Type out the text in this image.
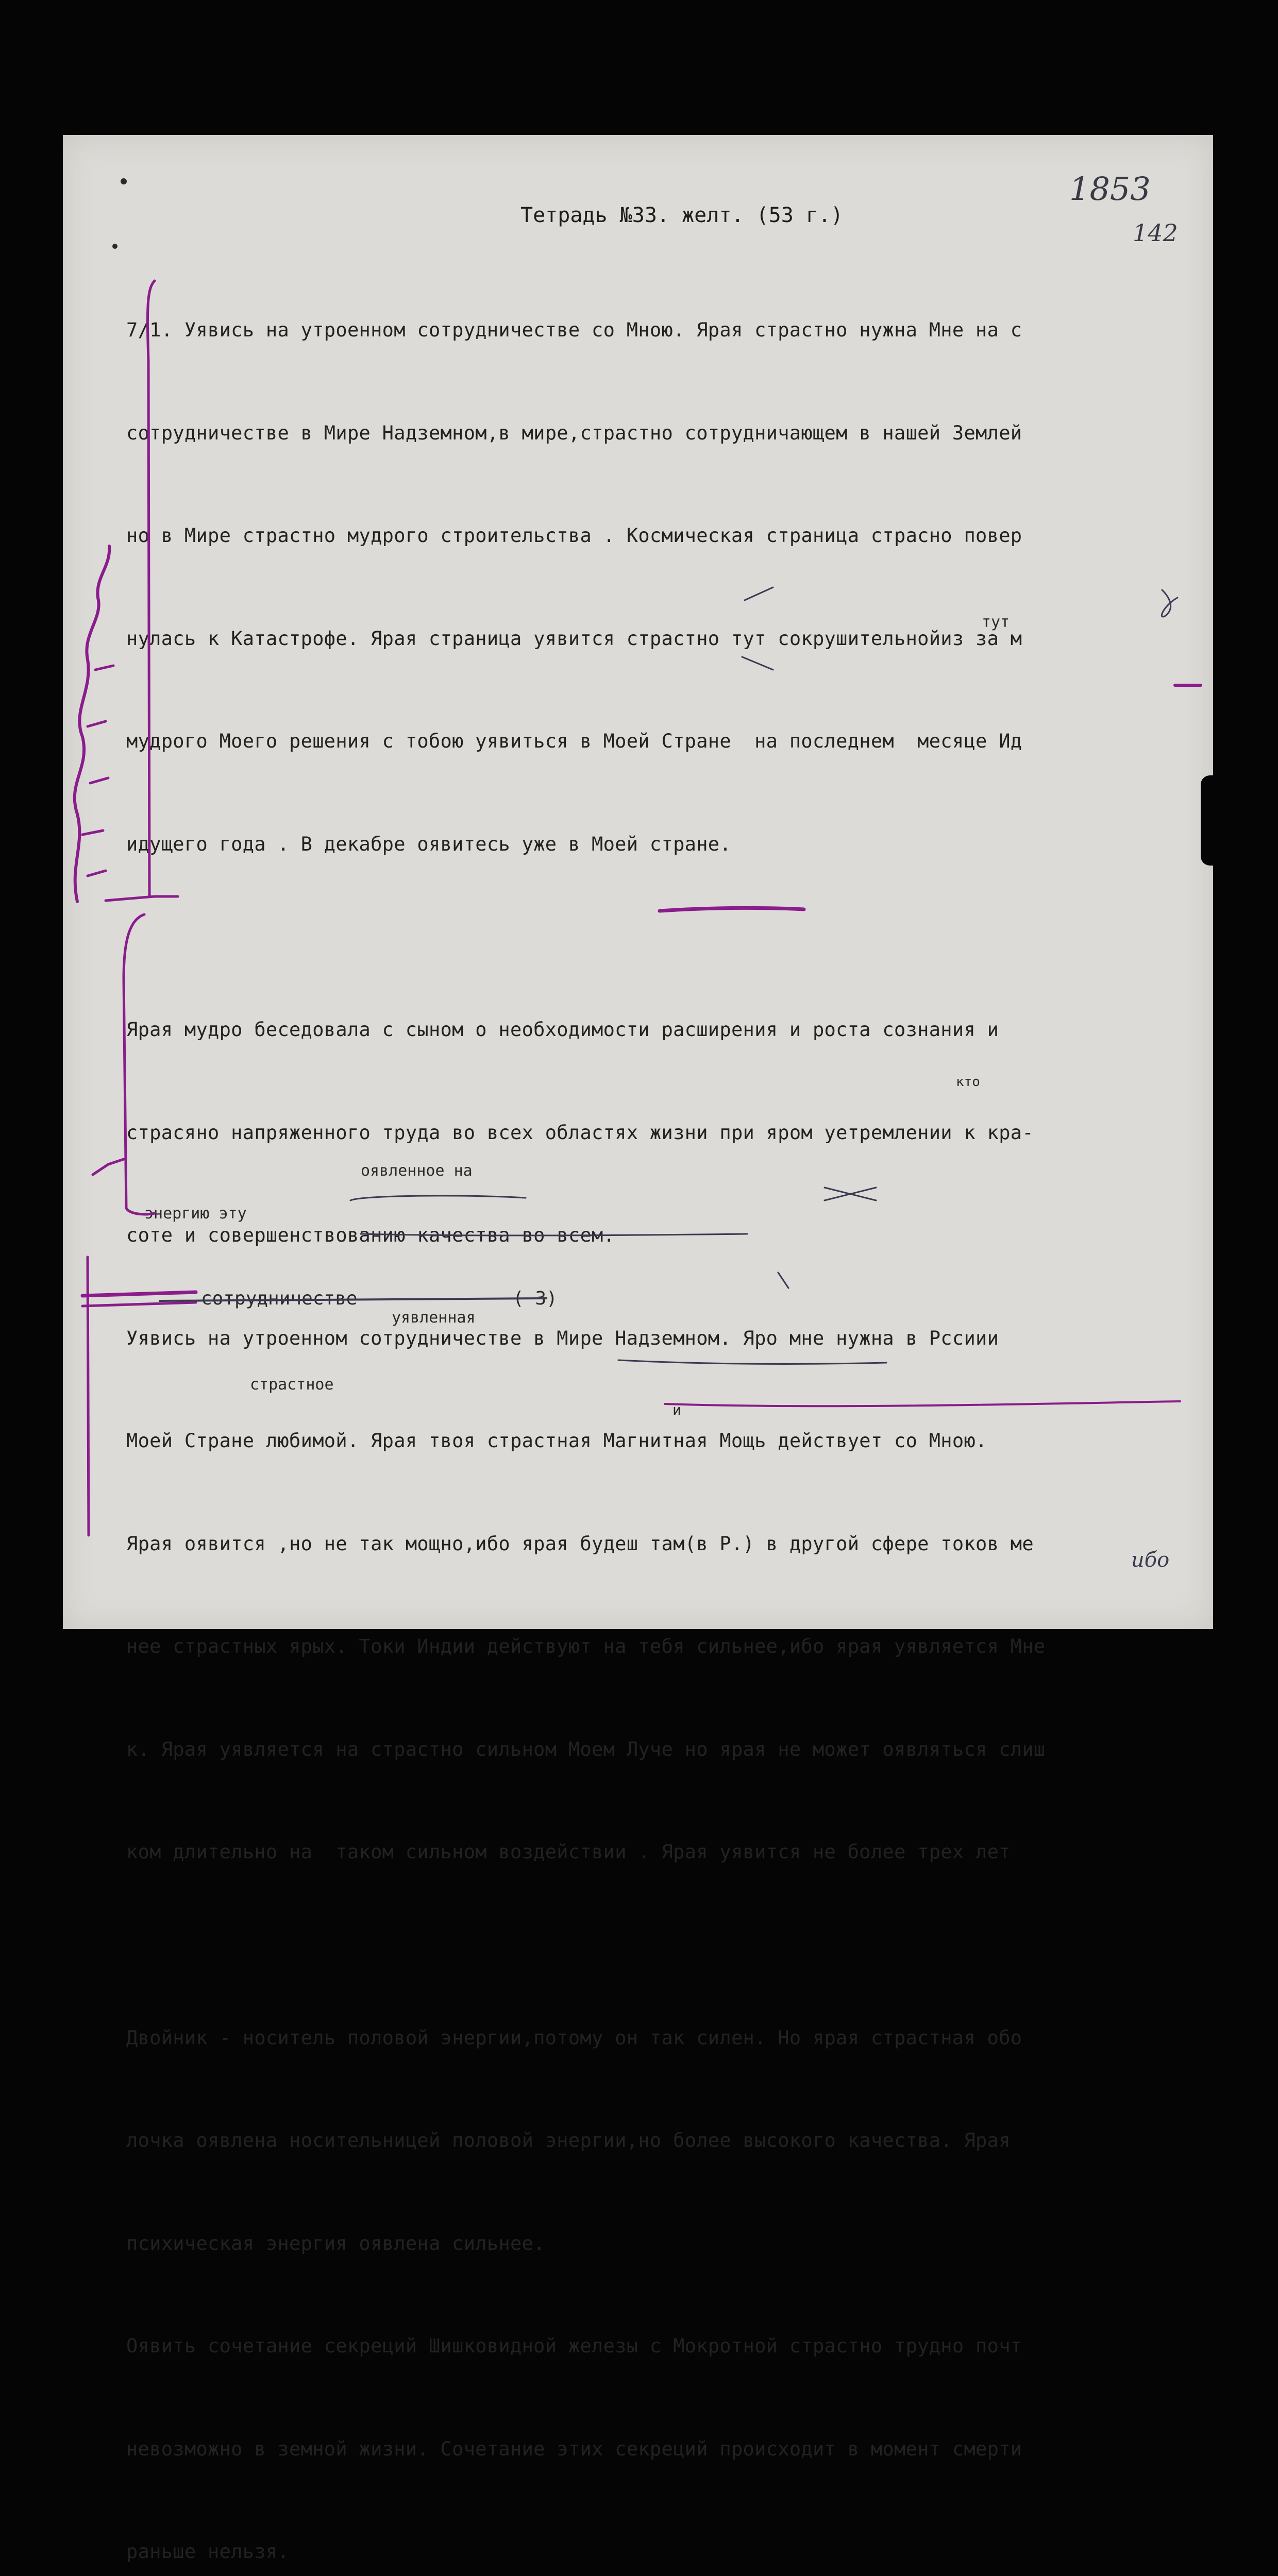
1853
142
Тетрадь №33. желт. (53 г.)

7/1. Уявись на утроенном сотрудничестве со Мною. Ярая страстно нужна Мне на с

сотрудничестве в Мире Надземном,в мире,страстно сотрудничающем в нашей Землей

но в Мире страстно мудрого строительства . Космическая страница страсно повер

нулась к Катастрофе. Ярая страница уявится страстно тут сокрушительнойиз за м

мудрого Моего решения с тобою уявиться в Моей Стране  на последнем  месяце Ид

идущего года . В декабре оявитесь уже в Моей стране.

Ярая мудро беседовала с сыном о необходимости расширения и роста сознания и

страсяно напряженного труда во всех областях жизни при яром уетремлении к кра-

соте и совершенствованию качества во всем.

Уявись на утроенном сотрудничестве в Мире Надземном. Яро мне нужна в Рссиии

Моей Стране любимой. Ярая твоя страстная Магнитная Мощь действует со Мною.

Ярая оявится ,но не так мощно,ибо ярая будеш там(в Р.) в другой сфере токов ме

нее страстных ярых. Токи Индии действуют на тебя сильнее,ибо ярая уявляется Мне

к. Ярая уявляется на страстно сильном Моем Луче но ярая не может оявляться слиш

ком длительно на  таком сильном воздействии . Ярая уявится не более трех лет

Двойник - носитель половой энергии,потому он так силен. Но ярая страстная обо

лочка оявлена носительницей половой энергии,но более высокого качества. Ярая

психическая энергия оявлена сильнее.

Оявить сочетание секреций Шишковидной железы с Мокротной страстно трудно почт

невозможно в земной жизни. Сочетание этих секреций происходит в момент смерти

раньше нельзя.

тут
кто
оявленное на
энергию эту
сотрудничестве	( 3)
уявленная
страстное
и
ибо
